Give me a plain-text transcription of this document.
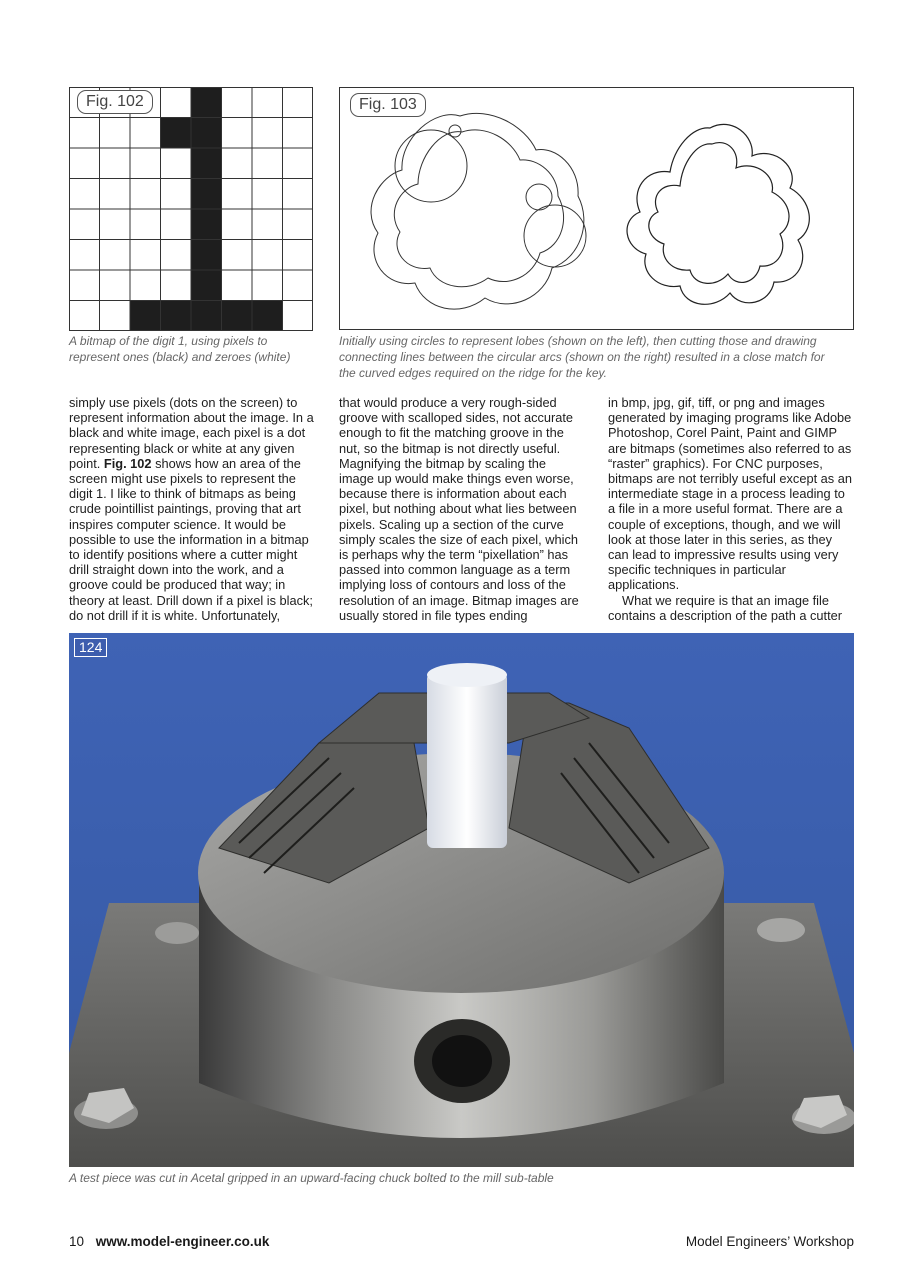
Fig. 102
A bitmap of the digit 1, using pixels to
represent ones (black) and zeroes (white)
Fig. 103
Initially using circles to represent lobes (shown on the left), then cutting those and drawing
connecting lines between the circular arcs (shown on the right) resulted in a close match for
the curved edges required on the ridge for the key.

simply use pixels (dots on the screen) to represent information about the image. In a black and white image, each pixel is a dot representing black or white at any given point. Fig. 102 shows how an area of the screen might use pixels to represent the digit 1. I like to think of bitmaps as being crude pointillist paintings, proving that art inspires computer science. It would be possible to use the information in a bitmap to identify positions where a cutter might drill straight down into the work, and a groove could be produced that way; in theory at least. Drill down if a pixel is black; do not drill if it is white. Unfortunately,

that would produce a very rough-sided groove with scalloped sides, not accurate enough to fit the matching groove in the nut, so the bitmap is not directly useful. Magnifying the bitmap by scaling the image up would make things even worse, because there is information about each pixel, but nothing about what lies between pixels. Scaling up a section of the curve simply scales the size of each pixel, which is perhaps why the term “pixellation” has passed into common language as a term implying loss of contours and loss of the resolution of an image. Bitmap images are usually stored in file types ending

in bmp, jpg, gif, tiff, or png and images generated by imaging programs like Adobe Photoshop, Corel Paint, Paint and GIMP are bitmaps (sometimes also referred to as “raster” graphics). For CNC purposes, bitmaps are not terribly useful except as an intermediate stage in a process leading to a file in a more useful format. There are a couple of exceptions, though, and we will look at those later in this series, as they can lead to impressive results using very specific techniques in particular applications.

What we require is that an image file contains a description of the path a cutter

124
A test piece was cut in Acetal gripped in an upward-facing chuck bolted to the mill sub-table
10 www.model-engineer.co.uk	Model Engineers’ Workshop
